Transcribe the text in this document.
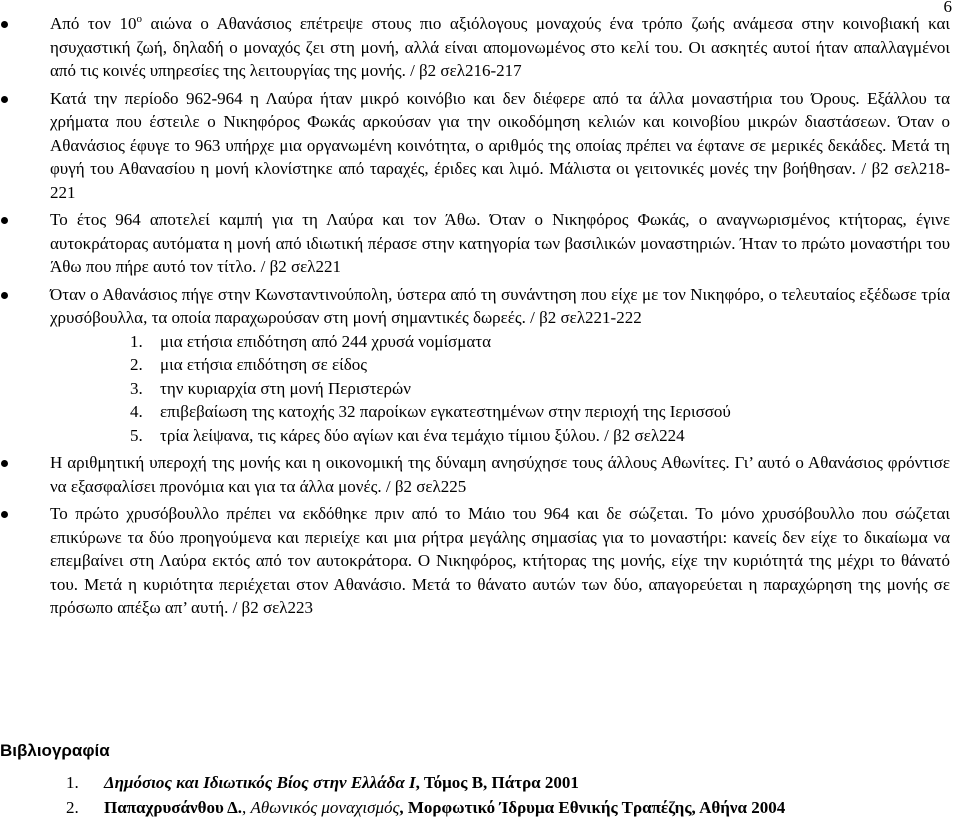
6
Από τον $10^o$ αιώνα ο Αθανάσιος επέτρεψε στους πιο αξιόλογους μοναχούς ένα τρόπο ζωής ανάμεσα στην κοινοβιακή και ησυχαστική ζωή, δηλαδή ο μοναχός ζει στη μονή, αλλά είναι απομονωμένος στο κελί του. Οι ασκητές αυτοί ήταν απαλλαγμένοι από τις κοινές υπηρεσίες της λειτουργίας της μονής. / β2 σελ216-217
Κατά την περίοδο 962-964 η Λαύρα ήταν μικρό κοινόβιο και δεν διέφερε από τα άλλα μοναστήρια του Όρους. Εξάλλου τα χρήματα που έστειλε ο Νικηφόρος Φωκάς αρκούσαν για την οικοδόμηση κελιών και κοινοβίου μικρών διαστάσεων. Όταν ο Αθανάσιος έφυγε το 963 υπήρχε μια οργανωμένη κοινότητα, ο αριθμός της οποίας πρέπει να έφτανε σε μερικές δεκάδες. Μετά τη φυγή του Αθανασίου η μονή κλονίστηκε από ταραχές, έριδες και λιμό. Μάλιστα οι γειτονικές μονές την βοήθησαν. / β2 σελ218-221
Το έτος 964 αποτελεί καμπή για τη Λαύρα και τον Άθω. Όταν ο Νικηφόρος Φωκάς, ο αναγνωρισμένος κτήτορας, έγινε αυτοκράτορας αυτόματα η μονή από ιδιωτική πέρασε στην κατηγορία των βασιλικών μοναστηριών. Ήταν το πρώτο μοναστήρι του Άθω που πήρε αυτό τον τίτλο. / β2 σελ221
Όταν ο Αθανάσιος πήγε στην Κωνσταντινούπολη, ύστερα από τη συνάντηση που είχε με τον Νικηφόρο, ο τελευταίος εξέδωσε τρία χρυσόβουλλα, τα οποία παραχωρούσαν στη μονή σημαντικές δωρεές. / β2 σελ221-222
1. μια ετήσια επιδότηση από 244 χρυσά νομίσματα
2. μια ετήσια επιδότηση σε είδος
3. την κυριαρχία στη μονή Περιστερών
4. επιβεβαίωση της κατοχής 32 παροίκων εγκατεστημένων στην περιοχή της Ιερισσού
5. τρία λείψανα, τις κάρες δύο αγίων και ένα τεμάχιο τίμιου ξύλου. / β2 σελ224
Η αριθμητική υπεροχή της μονής και η οικονομική της δύναμη ανησύχησε τους άλλους Αθωνίτες. Γι’ αυτό ο Αθανάσιος φρόντισε να εξασφαλίσει προνόμια και για τα άλλα μονές. / β2 σελ225
Το πρώτο χρυσόβουλλο πρέπει να εκδόθηκε πριν από το Μάιο του 964 και δε σώζεται. Το μόνο χρυσόβουλλο που σώζεται επικύρωνε τα δύο προηγούμενα και περιείχε και μια ρήτρα μεγάλης σημασίας για το μοναστήρι: κανείς δεν είχε το δικαίωμα να επεμβαίνει στη Λαύρα εκτός από τον αυτοκράτορα. Ο Νικηφόρος, κτήτορας της μονής, είχε την κυριότητά της μέχρι το θάνατό του. Μετά η κυριότητα περιέχεται στον Αθανάσιο. Μετά το θάνατο αυτών των δύο, απαγορεύεται η παραχώρηση της μονής σε πρόσωπο απέξω απ’ αυτή. / β2 σελ223
Βιβλιογραφία
1. Δημόσιος και Ιδιωτικός Βίος στην Ελλάδα Ι, Τόμος Β, Πάτρα 2001
2. Παπαχρυσάνθου Δ., Αθωνικός μοναχισμός, Μορφωτικό Ίδρυμα Εθνικής Τραπέζης, Αθήνα 2004
